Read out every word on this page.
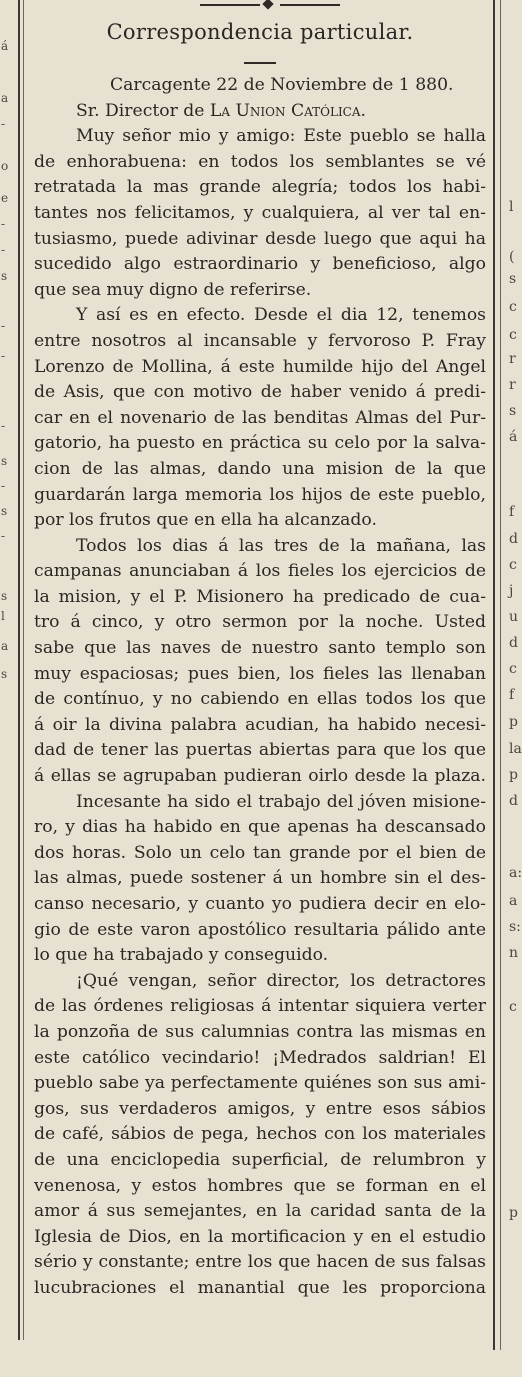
á
a
-
o
e
-
-
s
-
-
-
s
-
s
-
s
l
a
s
l
(
s
c
c
r
r
s
á
f
d
c
j
u
d
c
f
p
la
p
d
a:
a
s:
n
c
p
Correspondencia particular.
Carcagente 22 de Noviembre de 1 880.
Sr. Director de La Union Católica.
Muy señor mio y amigo: Este pueblo se halla
de enhorabuena: en todos los semblantes se vé
retratada la mas grande alegría; todos los habi-
tantes nos felicitamos, y cualquiera, al ver tal en-
tusiasmo, puede adivinar desde luego que aqui ha
sucedido algo estraordinario y beneficioso, algo
que sea muy digno de referirse.
Y así es en efecto. Desde el dia 12, tenemos
entre nosotros al incansable y fervoroso P. Fray
Lorenzo de Mollina, á este humilde hijo del Angel
de Asis, que con motivo de haber venido á predi-
car en el novenario de las benditas Almas del Pur-
gatorio, ha puesto en práctica su celo por la salva-
cion de las almas, dando una mision de la que
guardarán larga memoria los hijos de este pueblo,
por los frutos que en ella ha alcanzado.
Todos los dias á las tres de la mañana, las
campanas anunciaban á los fieles los ejercicios de
la mision, y el P. Misionero ha predicado de cua-
tro á cinco, y otro sermon por la noche. Usted
sabe que las naves de nuestro santo templo son
muy espaciosas; pues bien, los fieles las llenaban
de contínuo, y no cabiendo en ellas todos los que
á oir la divina palabra acudian, ha habido necesi-
dad de tener las puertas abiertas para que los que
á ellas se agrupaban pudieran oirlo desde la plaza.
Incesante ha sido el trabajo del jóven misione-
ro, y dias ha habido en que apenas ha descansado
dos horas. Solo un celo tan grande por el bien de
las almas, puede sostener á un hombre sin el des-
canso necesario, y cuanto yo pudiera decir en elo-
gio de este varon apostólico resultaria pálido ante
lo que ha trabajado y conseguido.
¡Qué vengan, señor director, los detractores
de las órdenes religiosas á intentar siquiera verter
la ponzoña de sus calumnias contra las mismas en
este católico vecindario! ¡Medrados saldrian! El
pueblo sabe ya perfectamente quiénes son sus ami-
gos, sus verdaderos amigos, y entre esos sábios
de café, sábios de pega, hechos con los materiales
de una enciclopedia superficial, de relumbron y
venenosa, y estos hombres que se forman en el
amor á sus semejantes, en la caridad santa de la
Iglesia de Dios, en la mortificacion y en el estudio
sério y constante; entre los que hacen de sus falsas
lucubraciones el manantial que les proporciona
